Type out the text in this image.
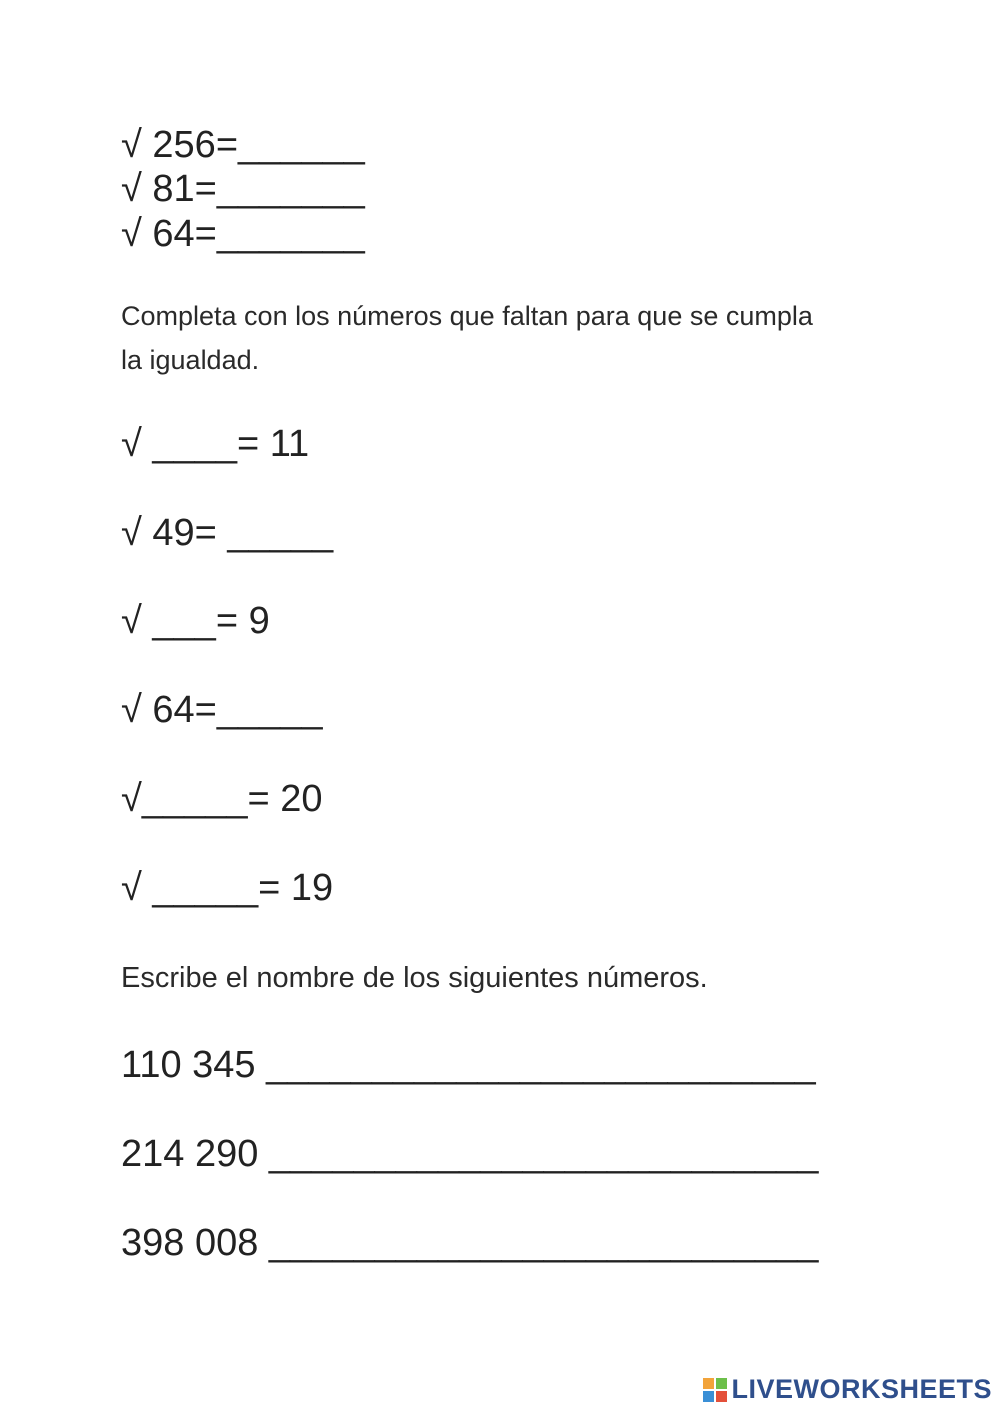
√ 256=______
√ 81=_______
√ 64=_______
Completa con los números que faltan para que se cumpla
la igualdad.
√ ____= 11
√ 49= _____
√ ___= 9
√ 64=_____
√_____= 20
√ _____= 19
Escribe el nombre de los siguientes números.
110 345 __________________________
214 290 __________________________
398 008 __________________________
LIVEWORKSHEETS
